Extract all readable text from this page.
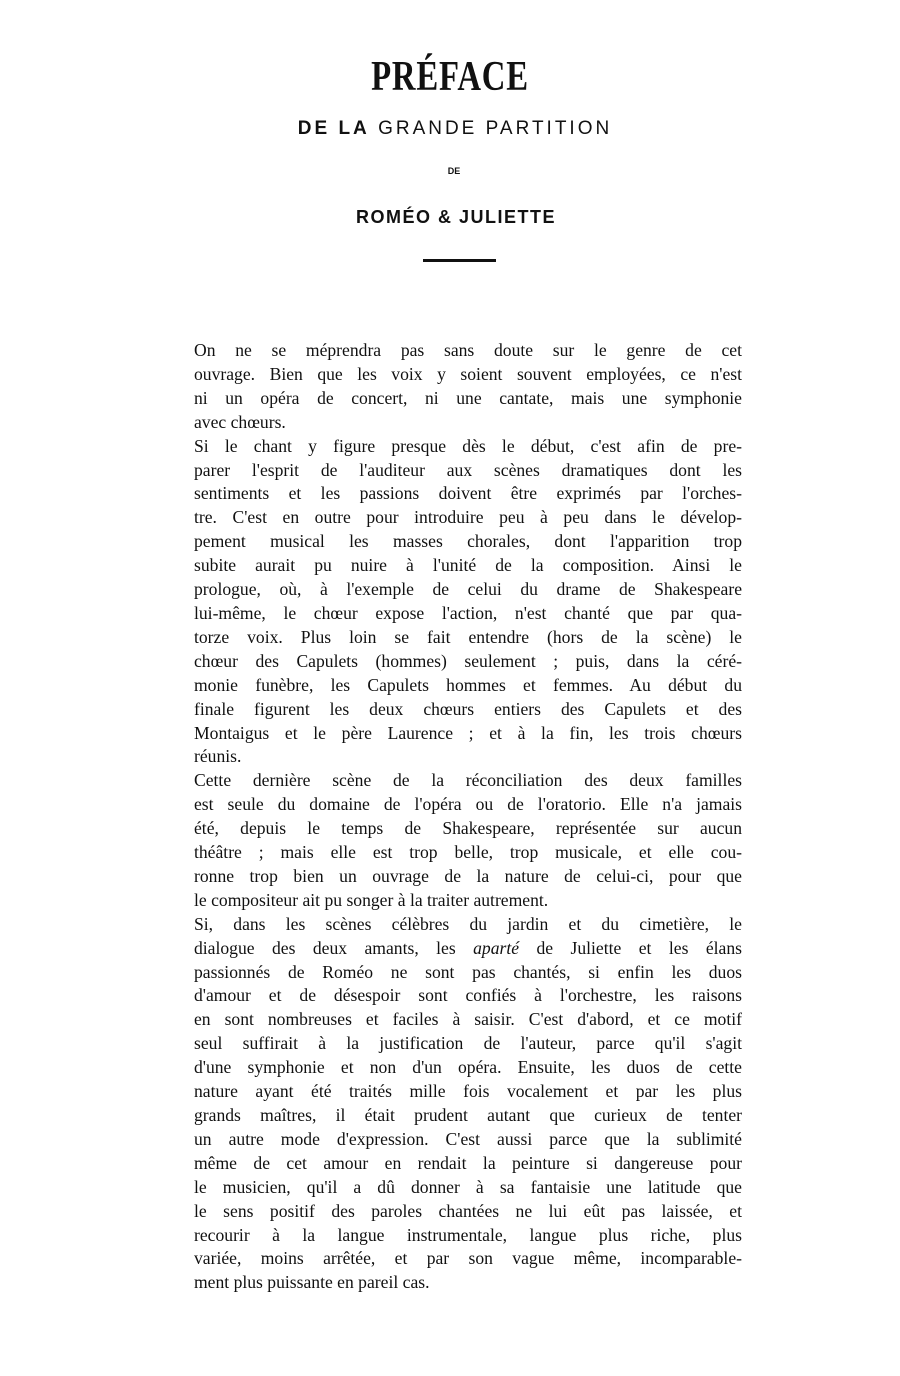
PRÉFACE
DE LA GRANDE PARTITION
DE
ROMÉO & JULIETTE

On ne se méprendra pas sans doute sur le genre de cet
ouvrage. Bien que les voix y soient souvent employées, ce n'est
ni un opéra de concert, ni une cantate, mais une symphonie
avec chœurs.

Si le chant y figure presque dès le début, c'est afin de pre-
parer l'esprit de l'auditeur aux scènes dramatiques dont les
sentiments et les passions doivent être exprimés par l'orches-
tre. C'est en outre pour introduire peu à peu dans le dévelop-
pement musical les masses chorales, dont l'apparition trop
subite aurait pu nuire à l'unité de la composition. Ainsi le
prologue, où, à l'exemple de celui du drame de Shakespeare
lui-même, le chœur expose l'action, n'est chanté que par qua-
torze voix. Plus loin se fait entendre (hors de la scène) le
chœur des Capulets (hommes) seulement ; puis, dans la céré-
monie funèbre, les Capulets hommes et femmes. Au début du
finale figurent les deux chœurs entiers des Capulets et des
Montaigus et le père Laurence ; et à la fin, les trois chœurs
réunis.

Cette dernière scène de la réconciliation des deux familles
est seule du domaine de l'opéra ou de l'oratorio. Elle n'a jamais
été, depuis le temps de Shakespeare, représentée sur aucun
théâtre ; mais elle est trop belle, trop musicale, et elle cou-
ronne trop bien un ouvrage de la nature de celui-ci, pour que
le compositeur ait pu songer à la traiter autrement.

Si, dans les scènes célèbres du jardin et du cimetière, le
dialogue des deux amants, les aparté de Juliette et les élans
passionnés de Roméo ne sont pas chantés, si enfin les duos
d'amour et de désespoir sont confiés à l'orchestre, les raisons
en sont nombreuses et faciles à saisir. C'est d'abord, et ce motif
seul suffirait à la justification de l'auteur, parce qu'il s'agit
d'une symphonie et non d'un opéra. Ensuite, les duos de cette
nature ayant été traités mille fois vocalement et par les plus
grands maîtres, il était prudent autant que curieux de tenter
un autre mode d'expression. C'est aussi parce que la sublimité
même de cet amour en rendait la peinture si dangereuse pour
le musicien, qu'il a dû donner à sa fantaisie une latitude que
le sens positif des paroles chantées ne lui eût pas laissée, et
recourir à la langue instrumentale, langue plus riche, plus
variée, moins arrêtée, et par son vague même, incomparable-
ment plus puissante en pareil cas.
